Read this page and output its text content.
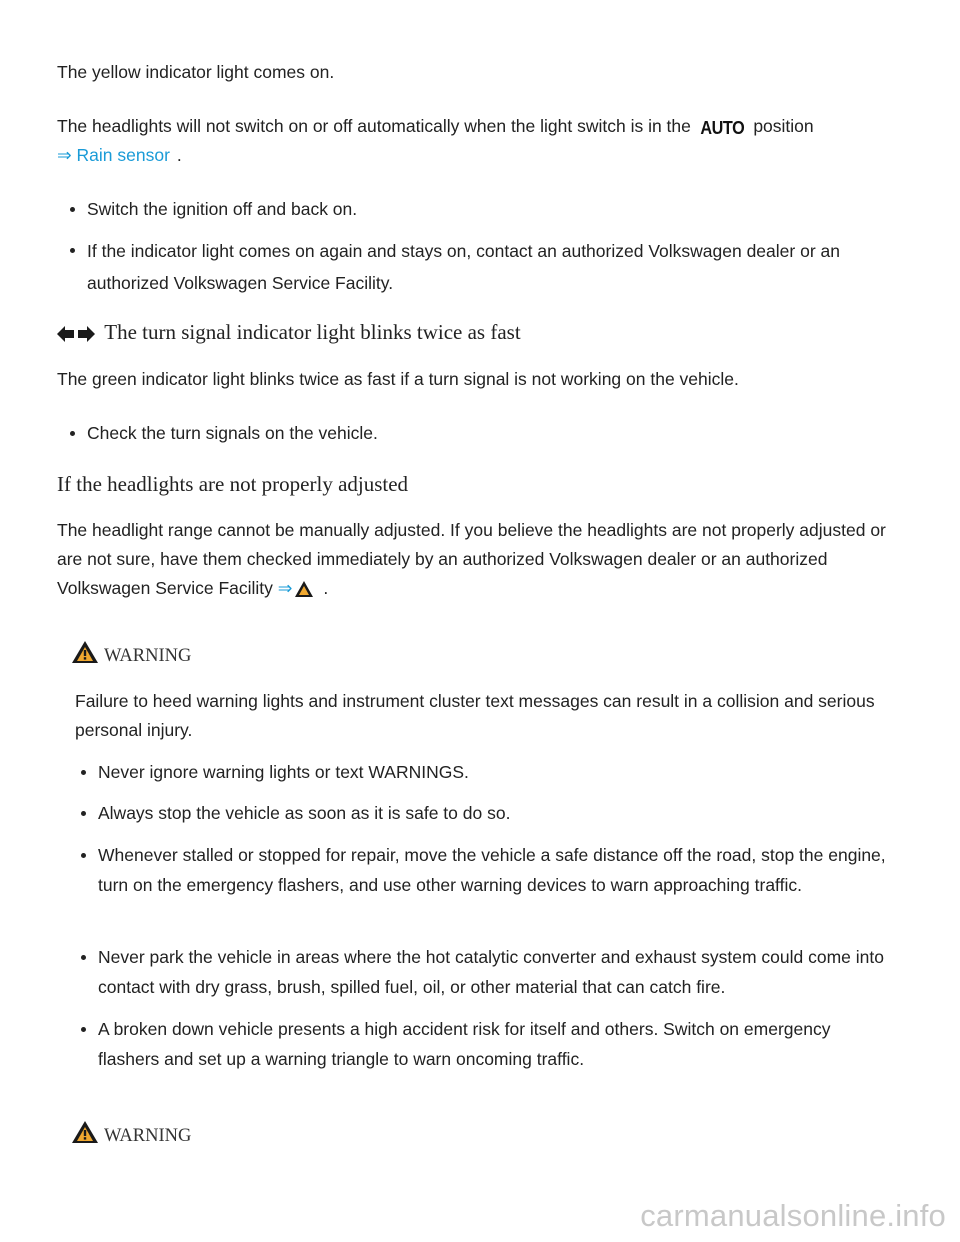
The yellow indicator light comes on.

The headlights will not switch on or off automatically when the light switch is in the AUTO position
⇒ Rain sensor .

Switch the ignition off and back on.
If the indicator light comes on again and stays on, contact an authorized Volkswagen dealer or an authorized Volkswagen Service Facility.
The turn signal indicator light blinks twice as fast

The green indicator light blinks twice as fast if a turn signal is not working on the vehicle.

Check the turn signals on the vehicle.
If the headlights are not properly adjusted

The headlight range cannot be manually adjusted. If you believe the headlights are not properly adjusted or are not sure, have them checked immediately by an authorized Volkswagen dealer or an authorized Volkswagen Service Facility ⇒ .

WARNING
Failure to heed warning lights and instrument cluster text messages can result in a collision and serious personal injury.
Never ignore warning lights or text WARNINGS.
Always stop the vehicle as soon as it is safe to do so.
Whenever stalled or stopped for repair, move the vehicle a safe distance off the road, stop the engine, turn on the emergency flashers, and use other warning devices to warn approaching traffic.
Never park the vehicle in areas where the hot catalytic converter and exhaust system could come into contact with dry grass, brush, spilled fuel, oil, or other material that can catch fire.
A broken down vehicle presents a high accident risk for itself and others. Switch on emergency flashers and set up a warning triangle to warn oncoming traffic.
WARNING
carmanualsonline.info
